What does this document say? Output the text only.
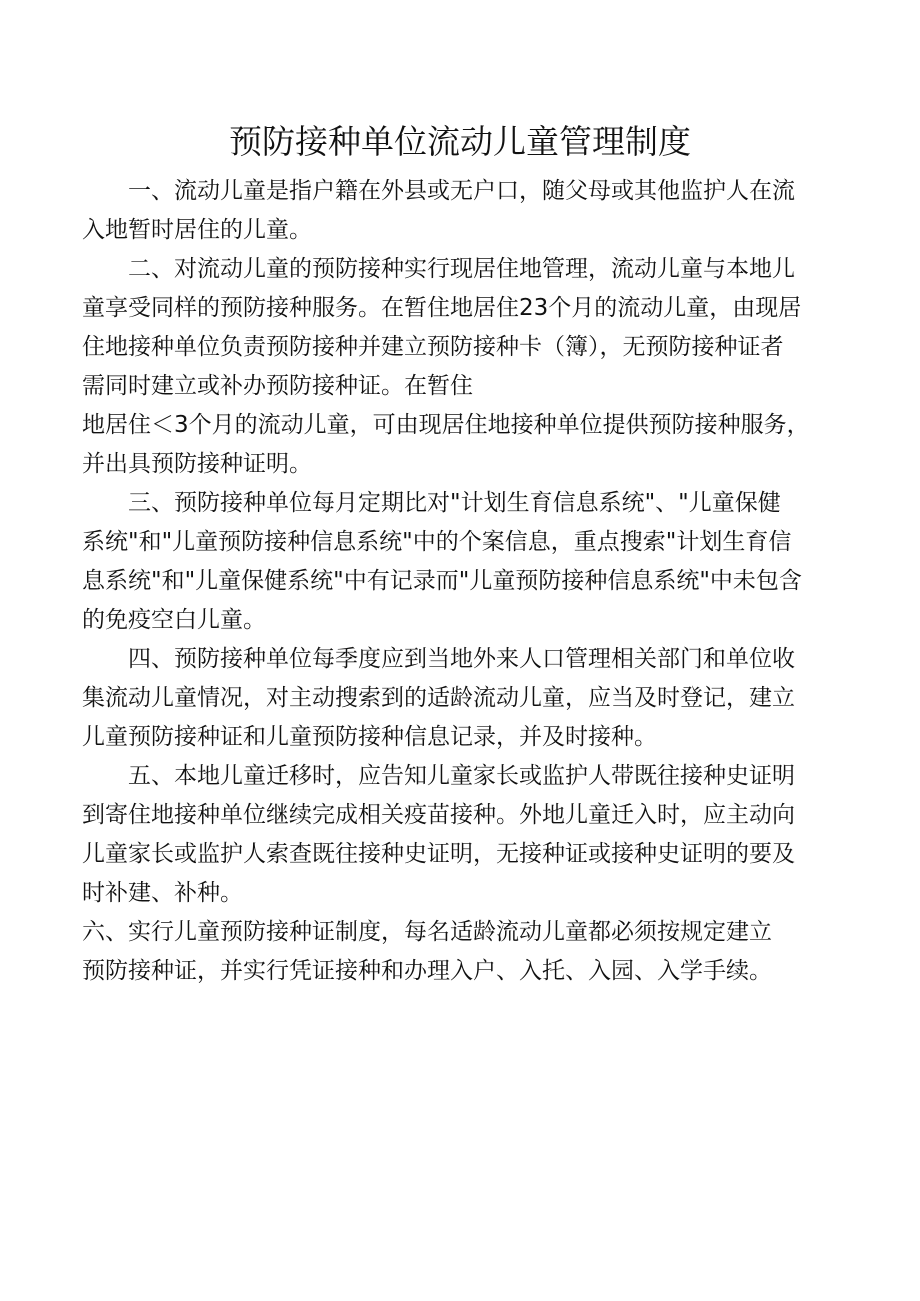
预防接种单位流动儿童管理制度

一、流动儿童是指户籍在外县或无户口，随父母或其他监护人在流
入地暂时居住的儿童。

二、对流动儿童的预防接种实行现居住地管理，流动儿童与本地儿
童享受同样的预防接种服务。在暂住地居住23个月的流动儿童，由现居
住地接种单位负责预防接种并建立预防接种卡（簿），无预防接种证者
需同时建立或补办预防接种证。在暂住
地居住＜3个月的流动儿童，可由现居住地接种单位提供预防接种服务，
并出具预防接种证明。

三、预防接种单位每月定期比对"计划生育信息系统"、"儿童保健
系统"和"儿童预防接种信息系统"中的个案信息，重点搜索"计划生育信
息系统"和"儿童保健系统"中有记录而"儿童预防接种信息系统"中未包含
的免疫空白儿童。

四、预防接种单位每季度应到当地外来人口管理相关部门和单位收
集流动儿童情况，对主动搜索到的适龄流动儿童，应当及时登记，建立
儿童预防接种证和儿童预防接种信息记录，并及时接种。

五、本地儿童迁移时，应告知儿童家长或监护人带既往接种史证明
到寄住地接种单位继续完成相关疫苗接种。外地儿童迁入时，应主动向
儿童家长或监护人索查既往接种史证明，无接种证或接种史证明的要及
时补建、补种。

六、实行儿童预防接种证制度，每名适龄流动儿童都必须按规定建立
预防接种证，并实行凭证接种和办理入户、入托、入园、入学手续。
